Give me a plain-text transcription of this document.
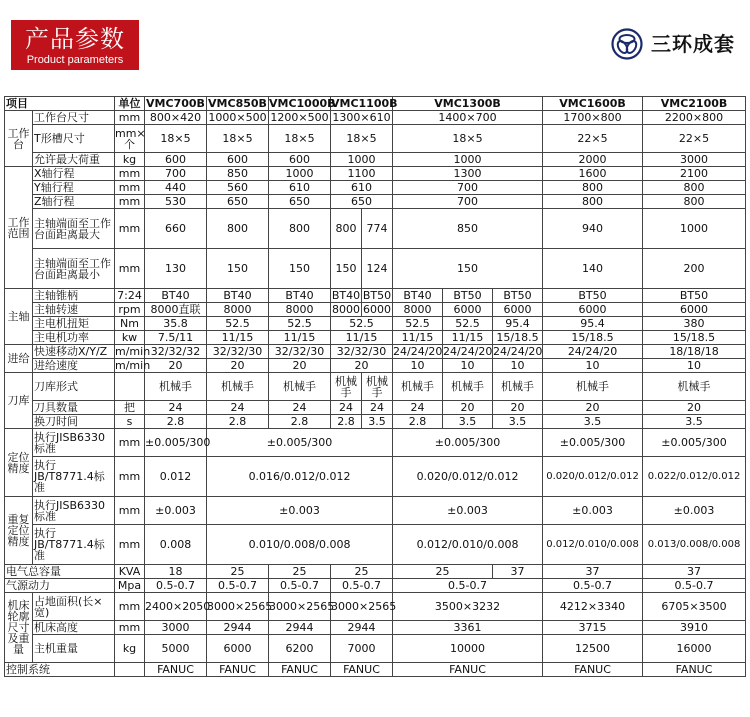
产品参数
Product parameters
三环成套
项目		单位	VMC700B	VMC850B	VMC1000B	VMC1100B		VMC1300B			VMC1600B	VMC2100B
工作台	工作台尺寸	mm	800×420	1000×500	1200×500	1300×610		1400×700			1700×800	2200×800
	T形槽尺寸	mm×个	18×5	18×5	18×5	18×5		18×5			22×5	22×5
	允许最大荷重	kg	600	600	600	1000		1000			2000	3000
工作范围	X轴行程	mm	700	850	1000	1100		1300			1600	2100
	Y轴行程	mm	440	560	610	610		700			800	800
	Z轴行程	mm	530	650	650	650		700			800	800
	主轴端面至工作台面距离最大	mm	660	800	800	800	774	850			940	1000
	主轴端面至工作台面距离最小	mm	130	150	150	150	124	150			140	200
主轴	主轴锥柄	7:24	BT40	BT40	BT40	BT40	BT50	BT40	BT50	BT50	BT50	BT50
	主轴转速	rpm	8000直联	8000	8000	8000	6000	8000	6000	6000	6000	6000
	主电机扭矩	Nm	35.8	52.5	52.5	52.5		52.5	52.5	95.4	95.4	380
	主电机功率	kw	7.5/11	11/15	11/15	11/15		11/15	11/15	15/18.5	15/18.5	15/18.5
进给	快速移动X/Y/Z	m/min	32/32/32	32/32/30	32/32/30	32/32/30		24/24/20	24/24/20	24/24/20	24/24/20	18/18/18
	进给速度	m/min	20	20	20	20		10	10	10	10	10
刀库	刀库形式		机械手	机械手	机械手	机械手	机械手	机械手	机械手	机械手	机械手	机械手
	刀具数量	把	24	24	24	24	24	24	20	20	20	20
	换刀时间	s	2.8	2.8	2.8	2.8	3.5	2.8	3.5	3.5	3.5	3.5
定位精度	执行JISB6330标准	mm	±0.005/300	±0.005/300				±0.005/300			±0.005/300	±0.005/300
	执行JB/T8771.4标准	mm	0.012	0.016/0.012/0.012				0.020/0.012/0.012			0.020/0.012/0.012	0.022/0.012/0.012
重复定位精度	执行JISB6330标准	mm	±0.003	±0.003				±0.003			±0.003	±0.003
	执行JB/T8771.4标准	mm	0.008	0.010/0.008/0.008				0.012/0.010/0.008			0.012/0.010/0.008	0.013/0.008/0.008
电气总容量		KVA	18	25	25	25		25		37	37	37
气源动力		Mpa	0.5-0.7	0.5-0.7	0.5-0.7	0.5-0.7		0.5-0.7			0.5-0.7	0.5-0.7
机床轮廓尺寸及重量	占地面积(长×宽)	mm	2400×2050	3000×2565	3000×2565	3000×2565		3500×3232			4212×3340	6705×3500
	机床高度	mm	3000	2944	2944	2944		3361			3715	3910
	主机重量	kg	5000	6000	6200	7000		10000			12500	16000
控制系统			FANUC	FANUC	FANUC	FANUC		FANUC			FANUC	FANUC
